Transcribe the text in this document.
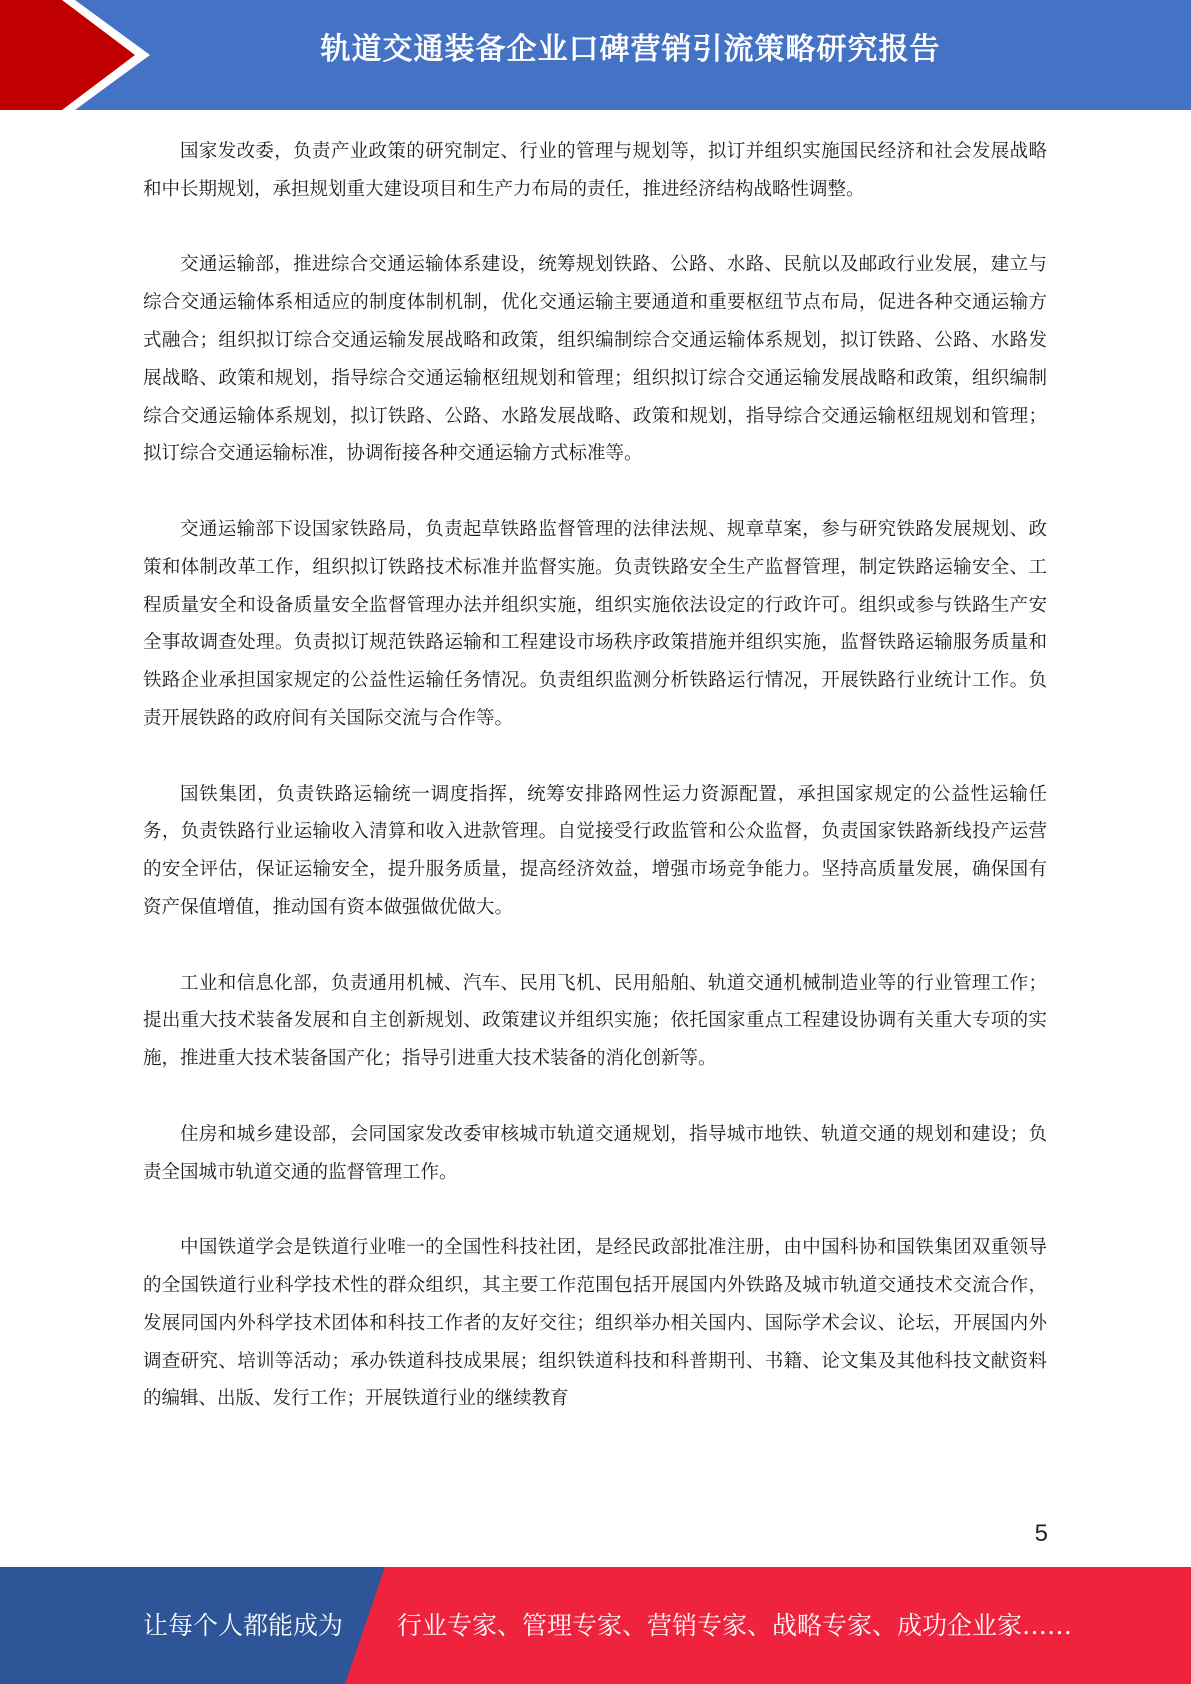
轨道交通装备企业口碑营销引流策略研究报告

国家发改委，负责产业政策的研究制定、行业的管理与规划等，拟订并组织实施国民经济和社会发展战略和中长期规划，承担规划重大建设项目和生产力布局的责任，推进经济结构战略性调整。

交通运输部，推进综合交通运输体系建设，统筹规划铁路、公路、水路、民航以及邮政行业发展，建立与综合交通运输体系相适应的制度体制机制，优化交通运输主要通道和重要枢纽节点布局，促进各种交通运输方式融合；组织拟订综合交通运输发展战略和政策，组织编制综合交通运输体系规划，拟订铁路、公路、水路发展战略、政策和规划，指导综合交通运输枢纽规划和管理；组织拟订综合交通运输发展战略和政策，组织编制综合交通运输体系规划，拟订铁路、公路、水路发展战略、政策和规划，指导综合交通运输枢纽规划和管理；拟订综合交通运输标准，协调衔接各种交通运输方式标准等。

交通运输部下设国家铁路局，负责起草铁路监督管理的法律法规、规章草案，参与研究铁路发展规划、政策和体制改革工作，组织拟订铁路技术标准并监督实施。负责铁路安全生产监督管理，制定铁路运输安全、工程质量安全和设备质量安全监督管理办法并组织实施，组织实施依法设定的行政许可。组织或参与铁路生产安全事故调查处理。负责拟订规范铁路运输和工程建设市场秩序政策措施并组织实施，监督铁路运输服务质量和铁路企业承担国家规定的公益性运输任务情况。负责组织监测分析铁路运行情况，开展铁路行业统计工作。负责开展铁路的政府间有关国际交流与合作等。

国铁集团，负责铁路运输统一调度指挥，统筹安排路网性运力资源配置，承担国家规定的公益性运输任务，负责铁路行业运输收入清算和收入进款管理。自觉接受行政监管和公众监督，负责国家铁路新线投产运营的安全评估，保证运输安全，提升服务质量，提高经济效益，增强市场竞争能力。坚持高质量发展，确保国有资产保值增值，推动国有资本做强做优做大。

工业和信息化部，负责通用机械、汽车、民用飞机、民用船舶、轨道交通机械制造业等的行业管理工作；提出重大技术装备发展和自主创新规划、政策建议并组织实施；依托国家重点工程建设协调有关重大专项的实施，推进重大技术装备国产化；指导引进重大技术装备的消化创新等。

住房和城乡建设部，会同国家发改委审核城市轨道交通规划，指导城市地铁、轨道交通的规划和建设；负责全国城市轨道交通的监督管理工作。

中国铁道学会是铁道行业唯一的全国性科技社团，是经民政部批准注册，由中国科协和国铁集团双重领导的全国铁道行业科学技术性的群众组织，其主要工作范围包括开展国内外铁路及城市轨道交通技术交流合作，发展同国内外科学技术团体和科技工作者的友好交往；组织举办相关国内、国际学术会议、论坛，开展国内外调查研究、培训等活动；承办铁道科技成果展；组织铁道科技和科普期刊、书籍、论文集及其他科技文献资料的编辑、出版、发行工作；开展铁道行业的继续教育

5
让每个人都能成为 行业专家、管理专家、营销专家、战略专家、成功企业家……
